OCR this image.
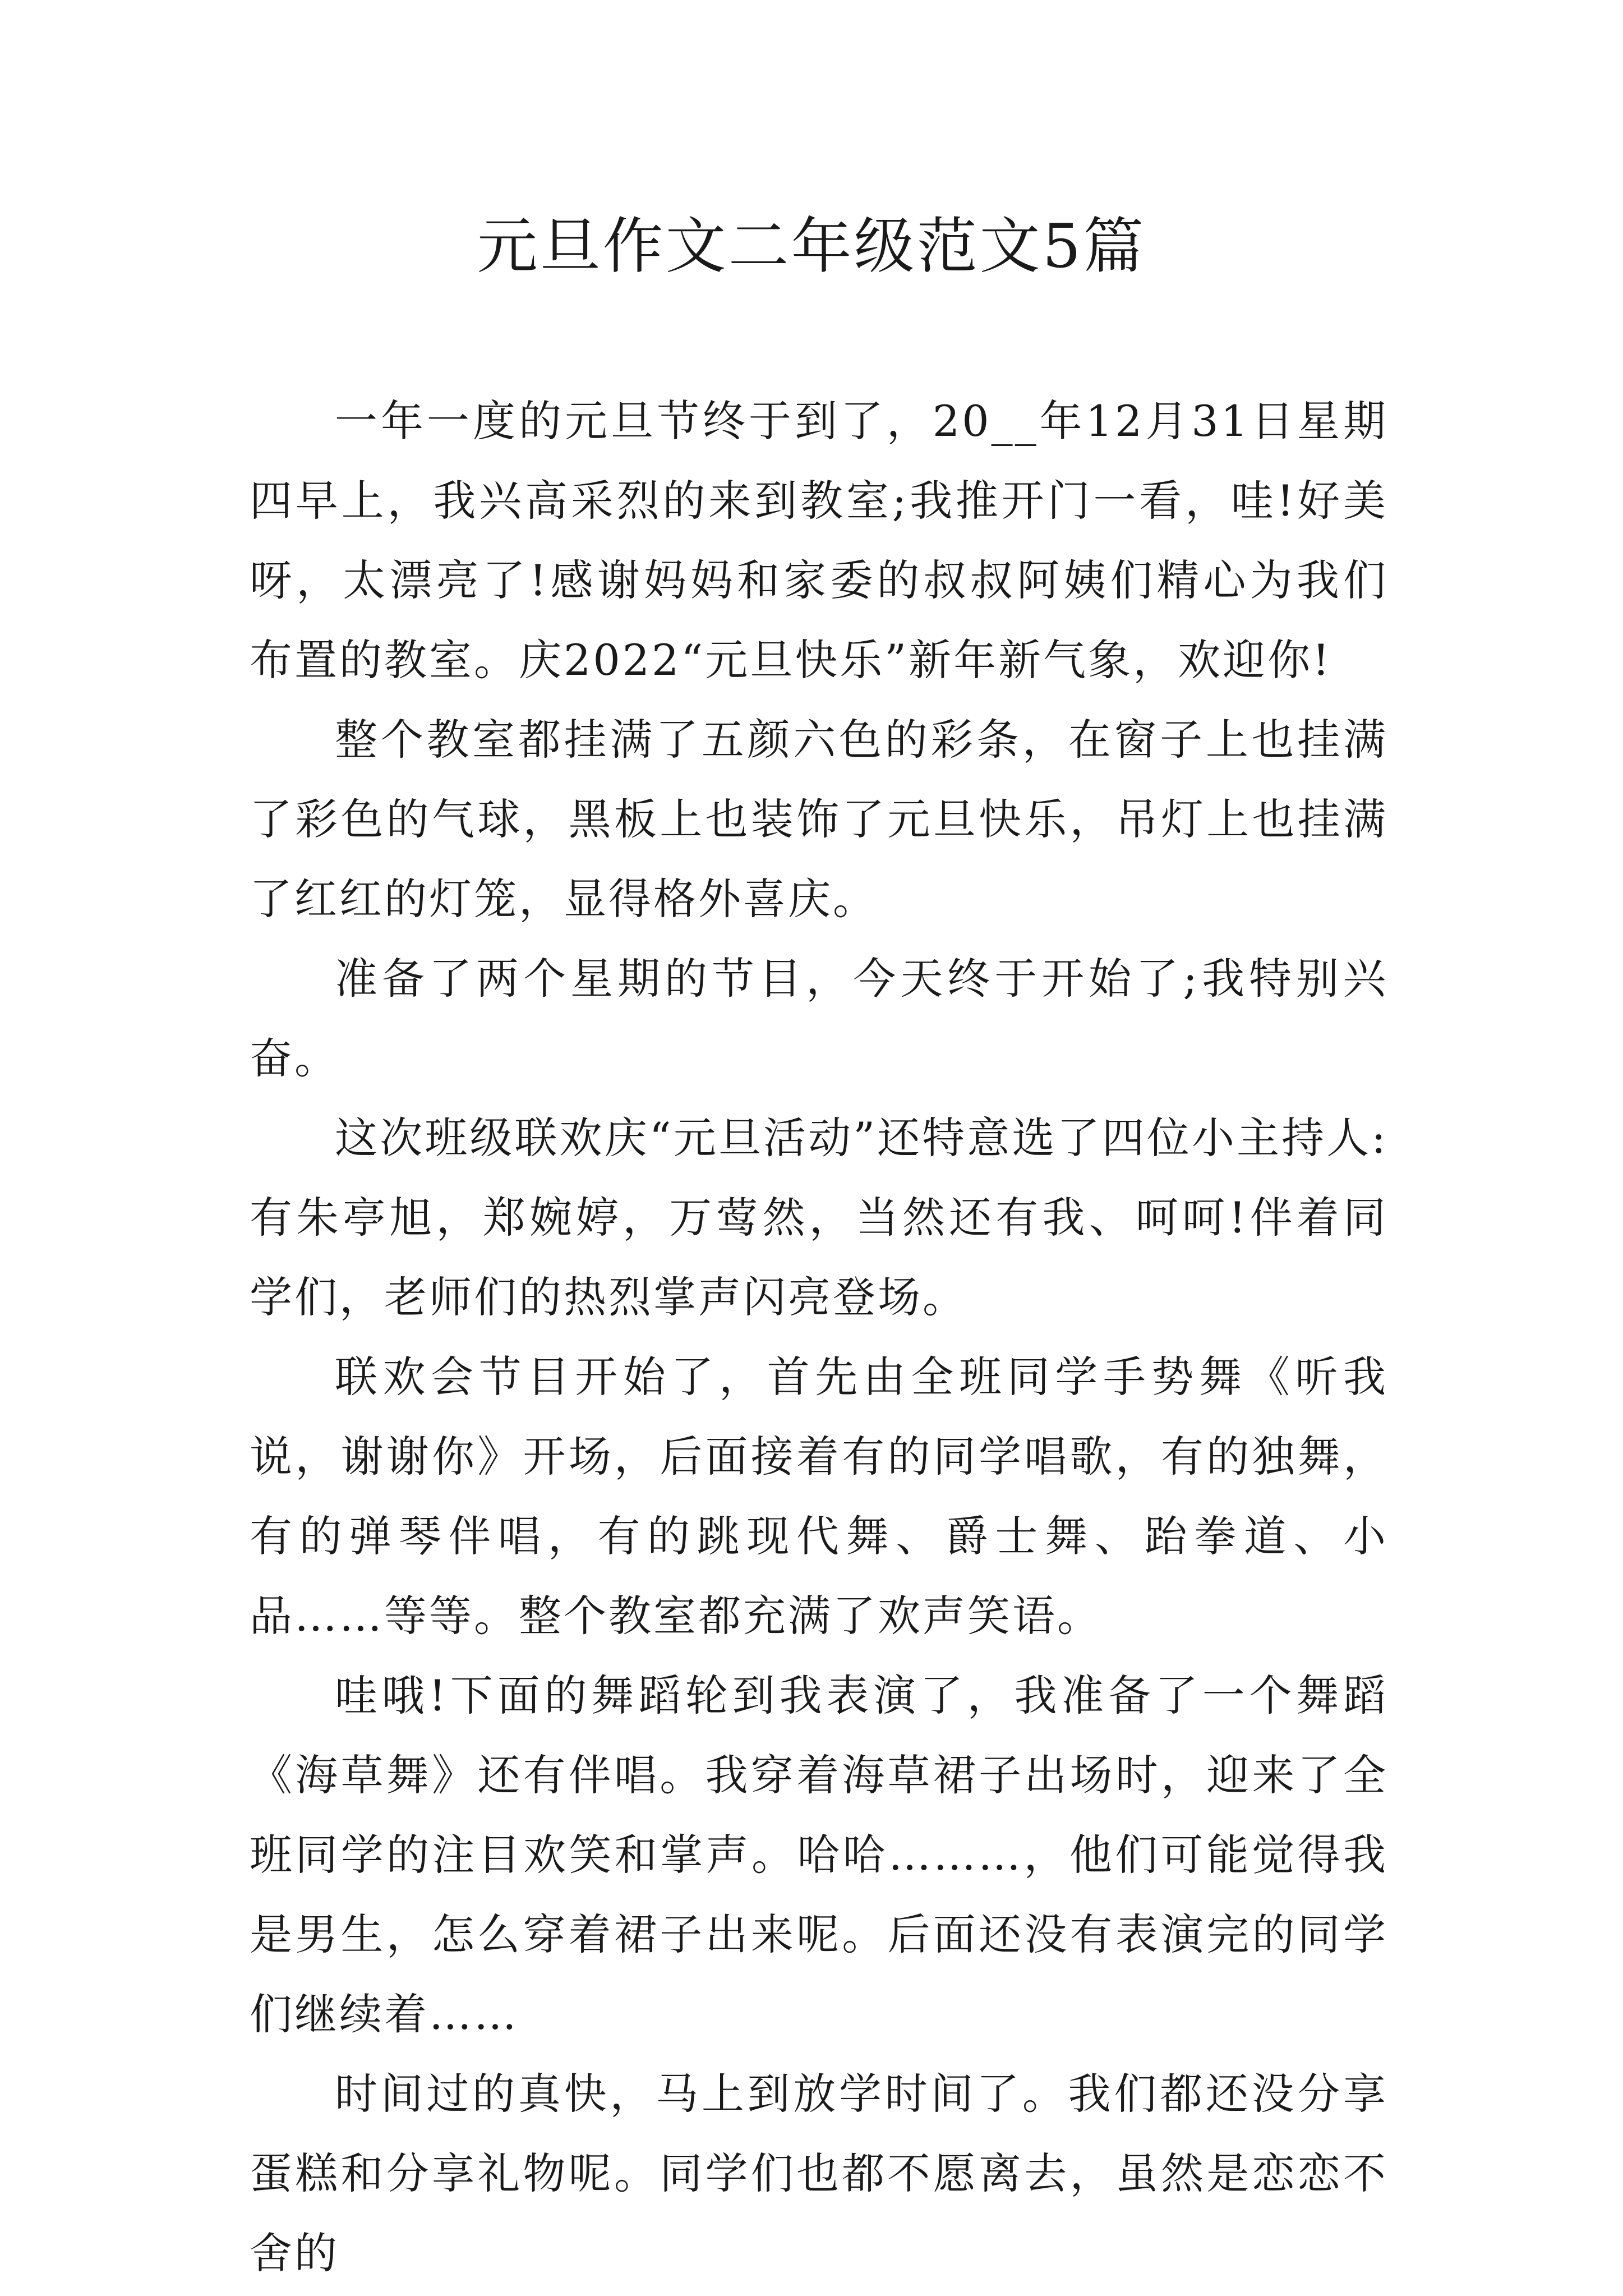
元旦作文二年级范文5篇

一年一度的元旦节终于到了，20__年12月31日星期四早上，我兴高采烈的来到教室;我推开门一看，哇!好美呀，太漂亮了!感谢妈妈和家委的叔叔阿姨们精心为我们布置的教室。庆2022“元旦快乐”新年新气象，欢迎你!

整个教室都挂满了五颜六色的彩条，在窗子上也挂满了彩色的气球，黑板上也装饰了元旦快乐，吊灯上也挂满了红红的灯笼，显得格外喜庆。

准备了两个星期的节目，今天终于开始了;我特别兴奋。

这次班级联欢庆“元旦活动”还特意选了四位小主持人:有朱亭旭，郑婉婷，万莺然，当然还有我、呵呵!伴着同学们，老师们的热烈掌声闪亮登场。

联欢会节目开始了，首先由全班同学手势舞《听我说，谢谢你》开场，后面接着有的同学唱歌，有的独舞，有的弹琴伴唱，有的跳现代舞、爵士舞、跆拳道、小品……等等。整个教室都充满了欢声笑语。

哇哦!下面的舞蹈轮到我表演了，我准备了一个舞蹈《海草舞》还有伴唱。我穿着海草裙子出场时，迎来了全班同学的注目欢笑和掌声。哈哈………，他们可能觉得我是男生，怎么穿着裙子出来呢。后面还没有表演完的同学们继续着……

时间过的真快，马上到放学时间了。我们都还没分享蛋糕和分享礼物呢。同学们也都不愿离去，虽然是恋恋不舍的
